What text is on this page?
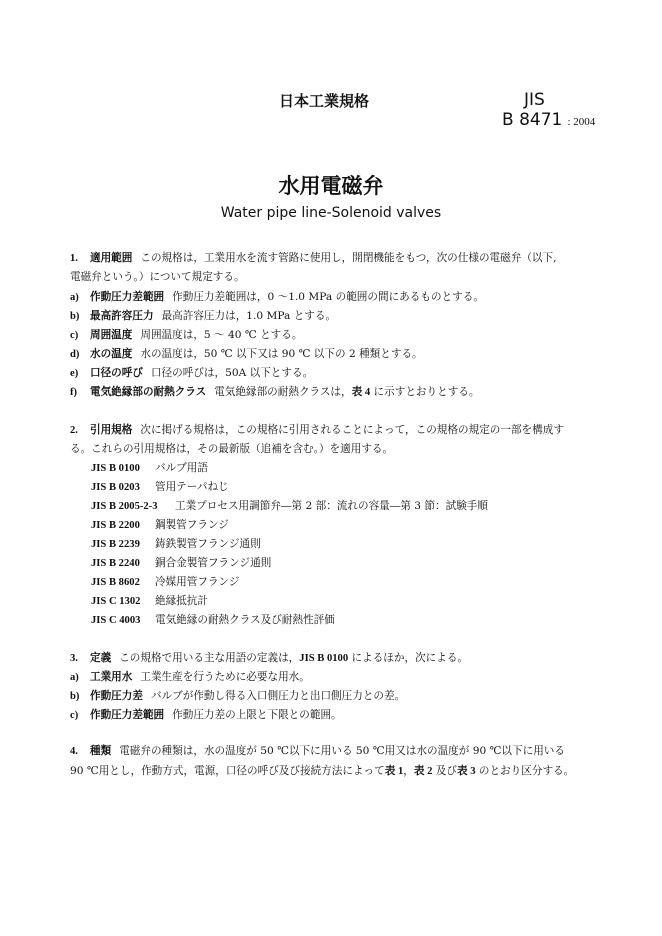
日本工業規格	JIS
B 8471 : 2004
水用電磁弁
Water pipe line-Solenoid valves
1. 適用範囲 この規格は，工業用水を流す管路に使用し，開閉機能をもつ，次の仕様の電磁弁（以下,
電磁弁という。）について規定する。
a) 作動圧力差範囲 作動圧力差範囲は，0 ～1.0 MPa の範囲の間にあるものとする。
b) 最高許容圧力 最高許容圧力は，1.0 MPa とする。
c) 周囲温度 周囲温度は，5 ～ 40 ℃ とする。
d) 水の温度 水の温度は，50 ℃ 以下又は 90 ℃ 以下の 2 種類とする。
e) 口径の呼び 口径の呼びは，50A 以下とする。
f) 電気絶縁部の耐熱クラス 電気絶縁部の耐熱クラスは，表 4 に示すとおりとする。
2. 引用規格 次に掲げる規格は，この規格に引用されることによって，この規格の規定の一部を構成す
る。これらの引用規格は，その最新版（追補を含む。）を適用する。
JIS B 0100 バルブ用語
JIS B 0203 管用テーパねじ
JIS B 2005-2-3 工業プロセス用調節弁―第 2 部：流れの容量―第 3 節：試験手順
JIS B 2200 鋼製管フランジ
JIS B 2239 鋳鉄製管フランジ通則
JIS B 2240 銅合金製管フランジ通則
JIS B 8602 冷媒用管フランジ
JIS C 1302 絶縁抵抗計
JIS C 4003 電気絶縁の耐熱クラス及び耐熱性評価
3. 定義 この規格で用いる主な用語の定義は，JIS B 0100 によるほか，次による。
a) 工業用水 工業生産を行うために必要な用水。
b) 作動圧力差 バルブが作動し得る入口側圧力と出口側圧力との差。
c) 作動圧力差範囲 作動圧力差の上限と下限との範囲。
4. 種類 電磁弁の種類は，水の温度が 50 ℃以下に用いる 50 ℃用又は水の温度が 90 ℃以下に用いる
90 ℃用とし，作動方式，電源，口径の呼び及び接続方法によって表 1，表 2 及び表 3 のとおり区分する。
